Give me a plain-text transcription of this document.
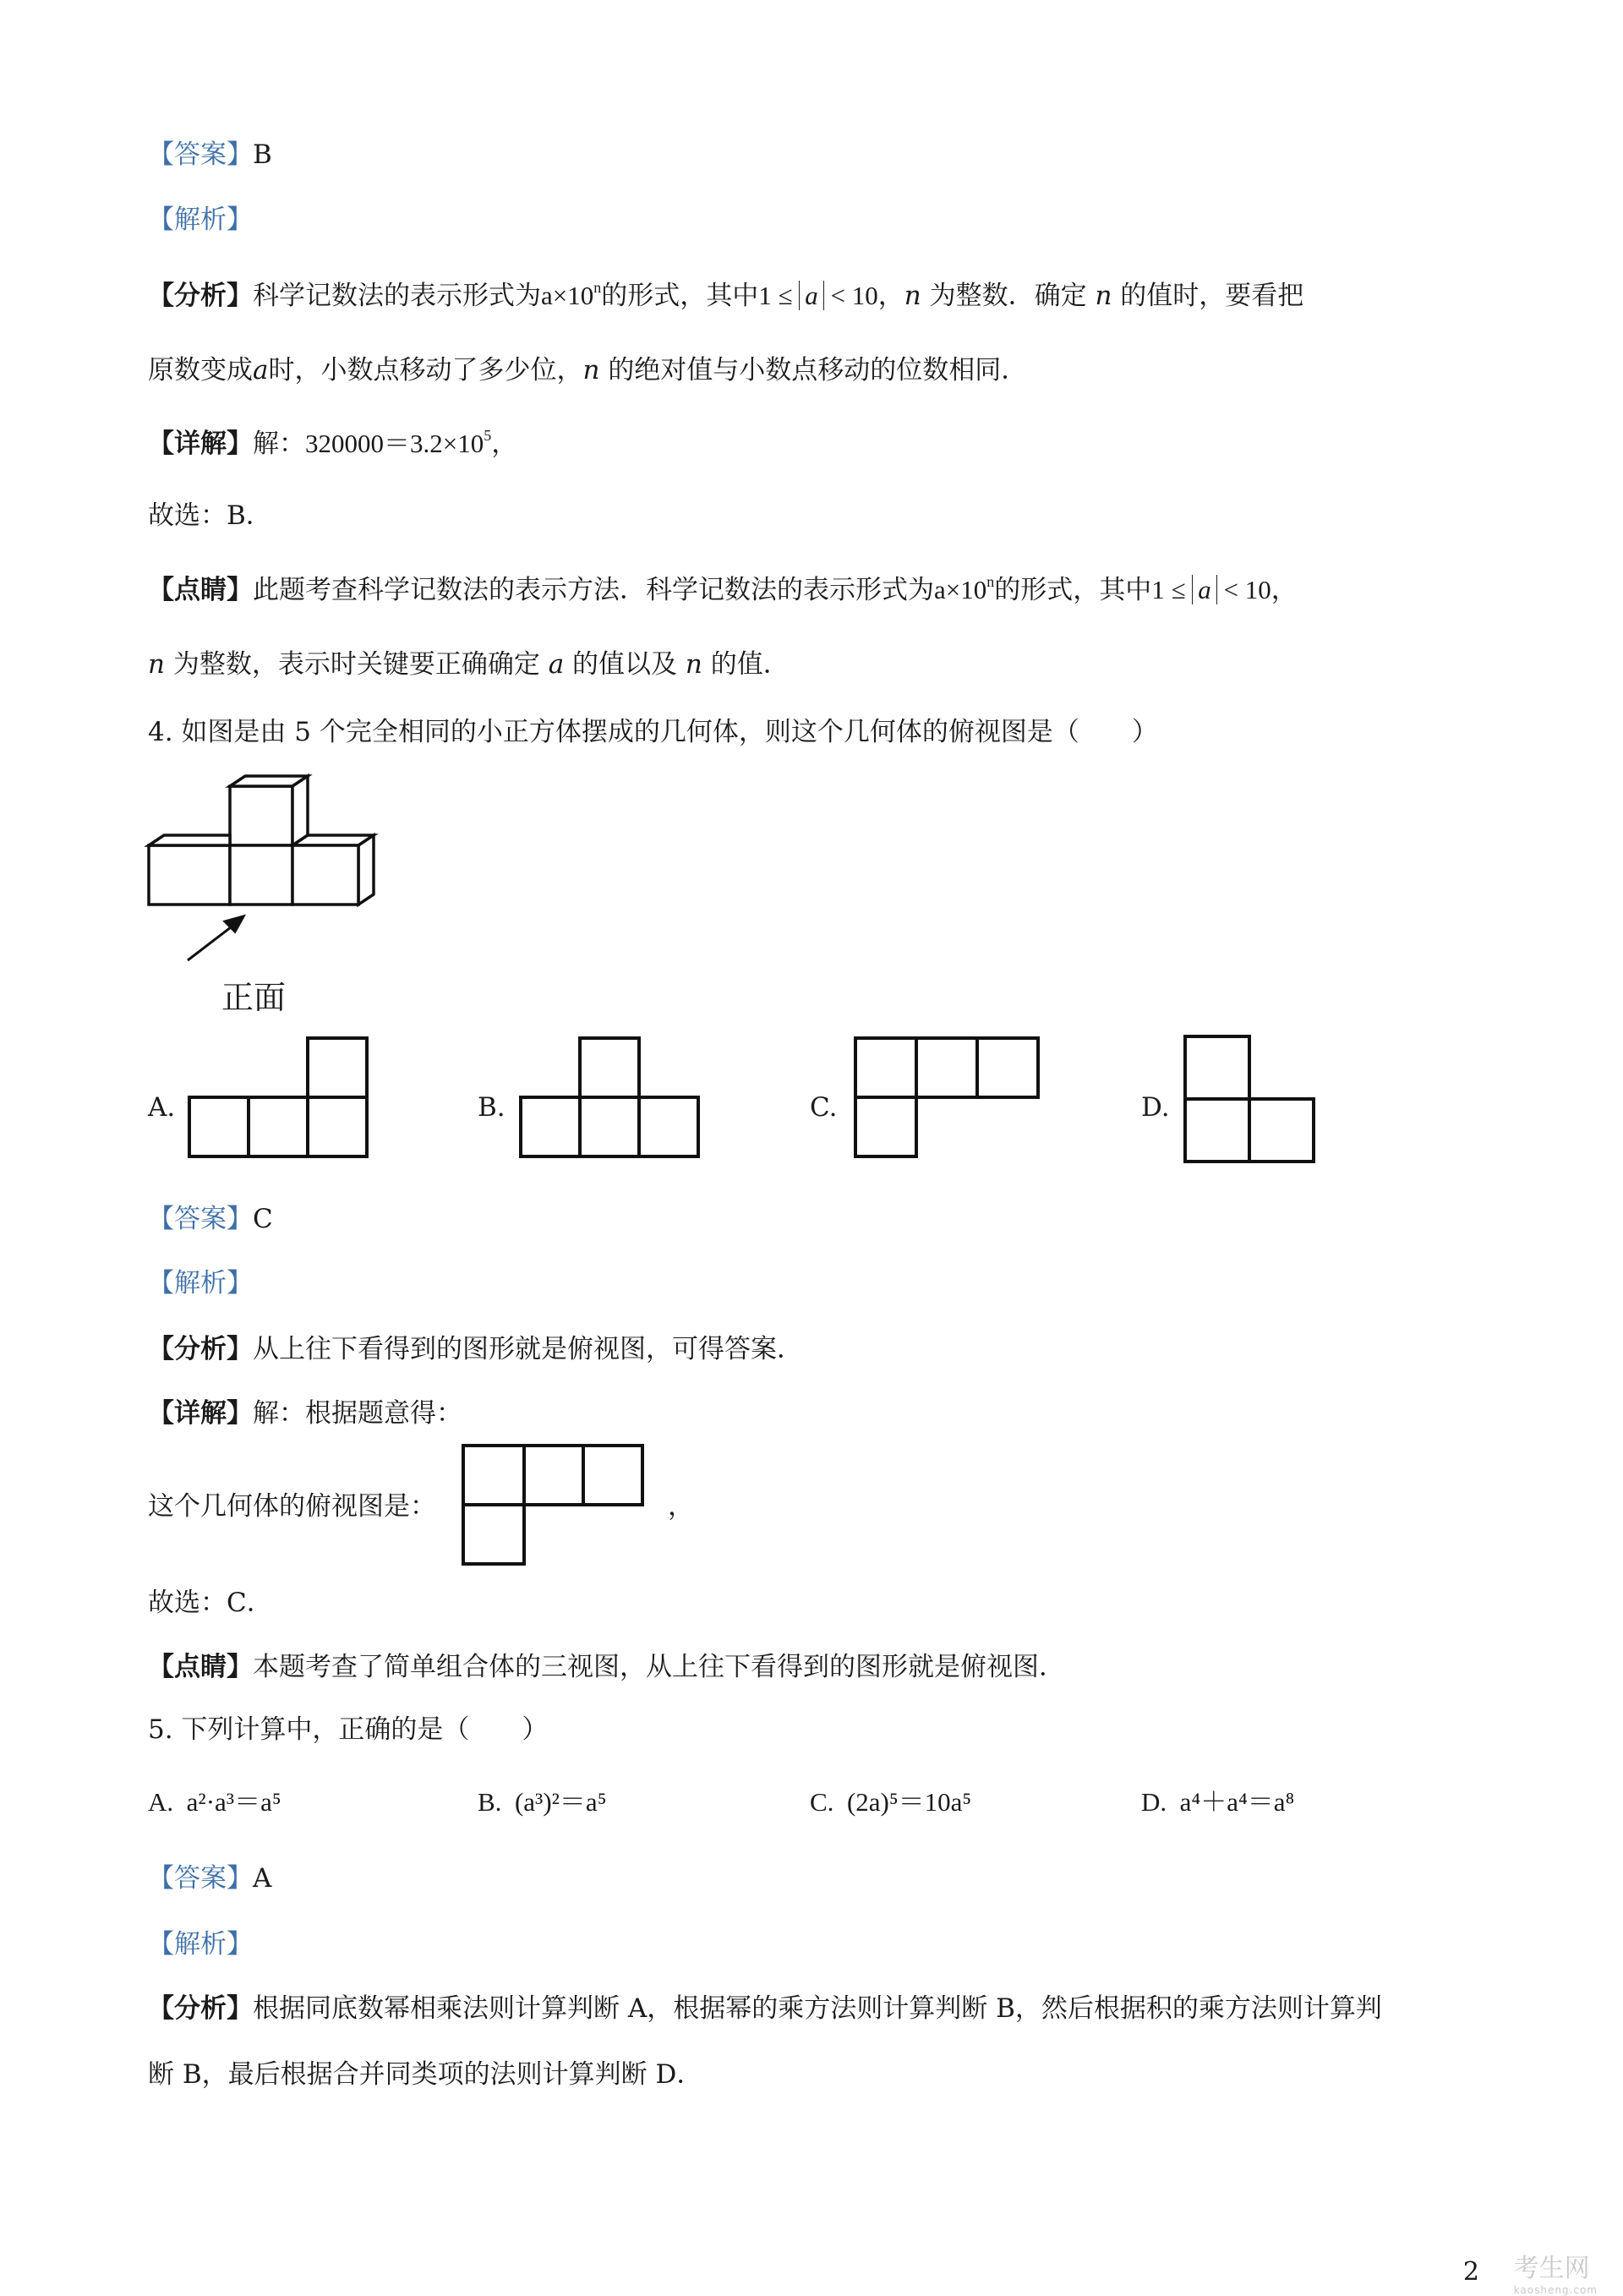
【答案】B
【解析】
【分析】科学记数法的表示形式为$a\times 10^n$的形式，其中1 ≤ a < 10，n 为整数．确定 n 的值时，要看把
原数变成a时，小数点移动了多少位，n 的绝对值与小数点移动的位数相同．
【详解】解：$320000=3.2\times 10^5$，
故选：B．
【点睛】此题考查科学记数法的表示方法．科学记数法的表示形式为$a\times 10^n$的形式，其中1 ≤ a < 10，
n 为整数，表示时关键要正确确定 a 的值以及 n 的值．
4. 如图是由 5 个完全相同的小正方体摆成的几何体，则这个几何体的俯视图是（　　）
正面
A.	B.	C.	D.
【答案】C
【解析】
【分析】从上往下看得到的图形就是俯视图，可得答案．
【详解】解：根据题意得：
这个几何体的俯视图是：	，
故选：C．
【点睛】本题考查了简单组合体的三视图，从上往下看得到的图形就是俯视图．
5. 下列计算中，正确的是（　　）
A. a²·a³＝a⁵	B. (a³)²＝a⁵	C. (2a)⁵＝10a⁵	D. a⁴＋a⁴＝a⁸
【答案】A
【解析】
【分析】根据同底数幂相乘法则计算判断 A，根据幂的乘方法则计算判断 B，然后根据积的乘方法则计算判
断 B，最后根据合并同类项的法则计算判断 D．
2 考生网
kaosheng.com
